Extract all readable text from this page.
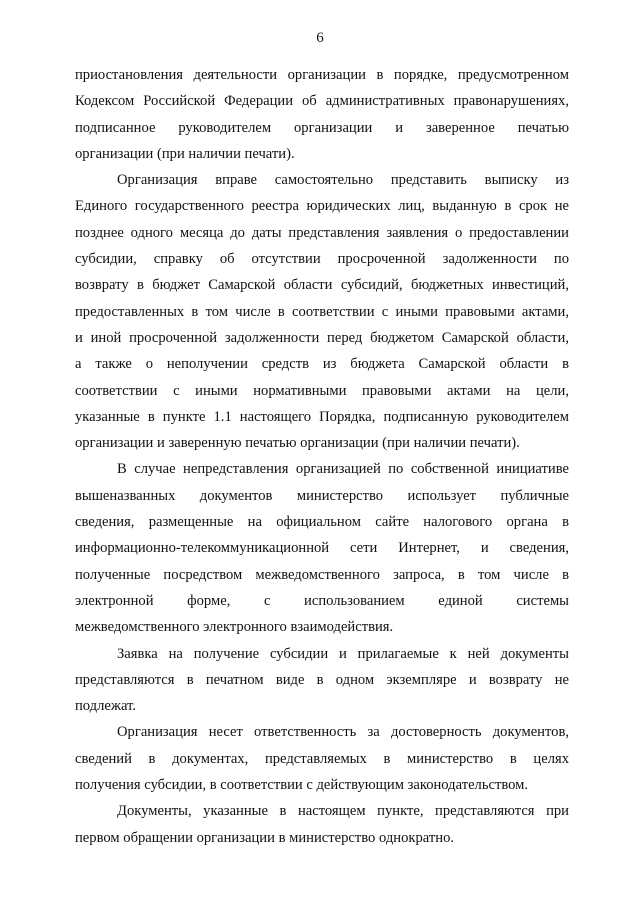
6

приостановления деятельности организации в порядке, предусмотренном
Кодексом Российской Федерации об административных правонарушениях,
подписанное руководителем организации и заверенное печатью
организации (при наличии печати).

Организация вправе самостоятельно представить выписку из
Единого государственного реестра юридических лиц, выданную в срок не
позднее одного месяца до даты представления заявления о предоставлении
субсидии, справку об отсутствии просроченной задолженности по
возврату в бюджет Самарской области субсидий, бюджетных инвестиций,
предоставленных в том числе в соответствии с иными правовыми актами,
и иной просроченной задолженности перед бюджетом Самарской области,
а также о неполучении средств из бюджета Самарской области в
соответствии с иными нормативными правовыми актами на цели,
указанные в пункте 1.1 настоящего Порядка, подписанную руководителем
организации и заверенную печатью организации (при наличии печати).

В случае непредставления организацией по собственной инициативе
вышеназванных документов министерство использует публичные
сведения, размещенные на официальном сайте налогового органа в
информационно-телекоммуникационной сети Интернет, и сведения,
полученные посредством межведомственного запроса, в том числе в
электронной форме, с использованием единой системы
межведомственного электронного взаимодействия.

Заявка на получение субсидии и прилагаемые к ней документы
представляются в печатном виде в одном экземпляре и возврату не
подлежат.

Организация несет ответственность за достоверность документов,
сведений в документах, представляемых в министерство в целях
получения субсидии, в соответствии с действующим законодательством.

Документы, указанные в настоящем пункте, представляются при
первом обращении организации в министерство однократно.
